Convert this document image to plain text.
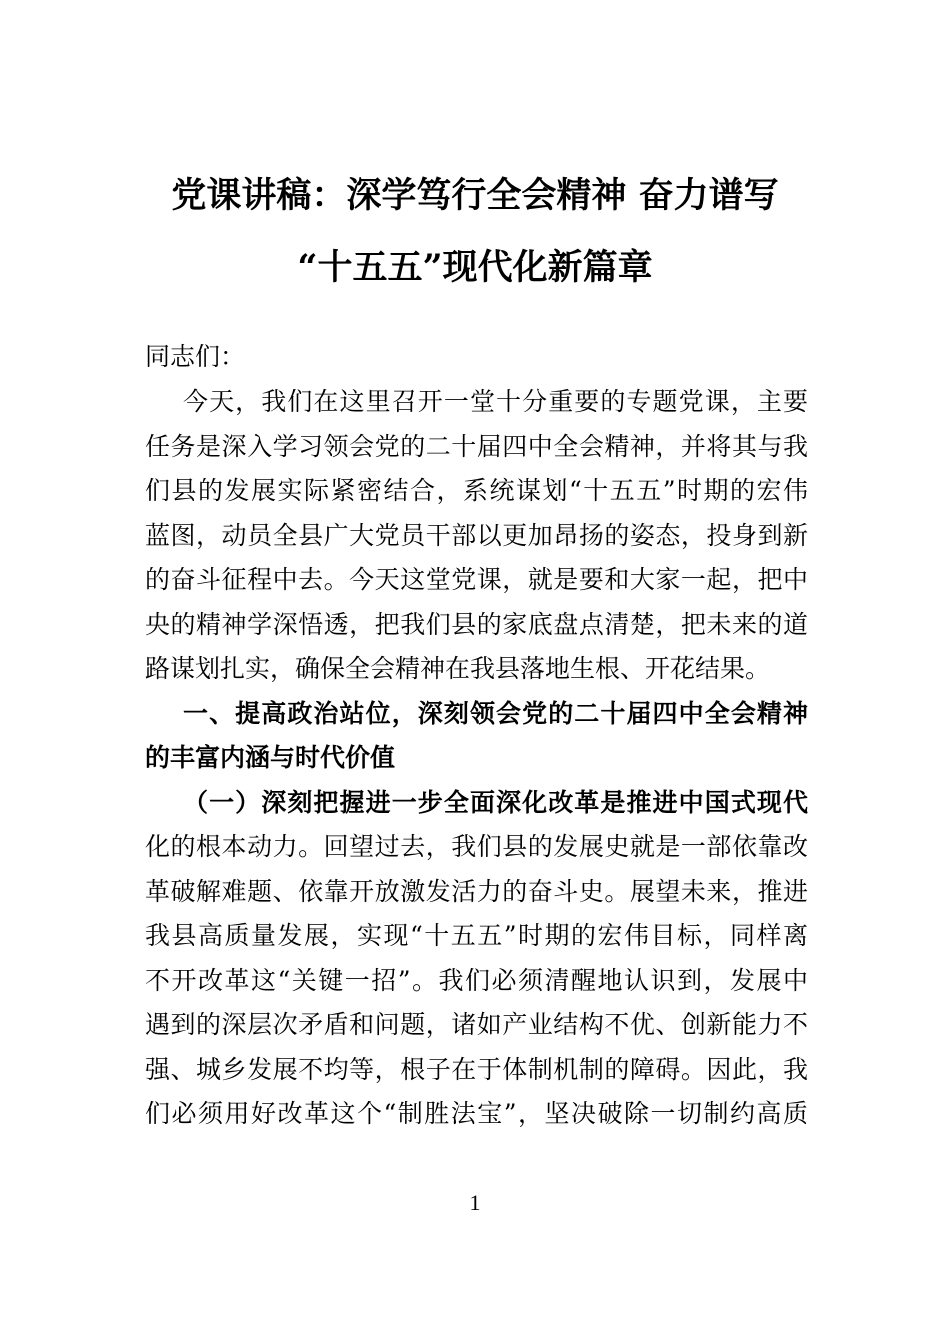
党课讲稿：深学笃行全会精神 奋力谱写
“十五五”现代化新篇章
同志们：
今天，我们在这里召开一堂十分重要的专题党课，主要
任务是深入学习领会党的二十届四中全会精神，并将其与我
们县的发展实际紧密结合，系统谋划“十五五”时期的宏伟
蓝图，动员全县广大党员干部以更加昂扬的姿态，投身到新
的奋斗征程中去。今天这堂党课，就是要和大家一起，把中
央的精神学深悟透，把我们县的家底盘点清楚，把未来的道
路谋划扎实，确保全会精神在我县落地生根、开花结果。
一、提高政治站位，深刻领会党的二十届四中全会精神
的丰富内涵与时代价值
（一）深刻把握进一步全面深化改革是推进中国式现代
化的根本动力。回望过去，我们县的发展史就是一部依靠改
革破解难题、依靠开放激发活力的奋斗史。展望未来，推进
我县高质量发展，实现“十五五”时期的宏伟目标，同样离
不开改革这“关键一招”。我们必须清醒地认识到，发展中
遇到的深层次矛盾和问题，诸如产业结构不优、创新能力不
强、城乡发展不均等，根子在于体制机制的障碍。因此，我
们必须用好改革这个“制胜法宝”，坚决破除一切制约高质
1
